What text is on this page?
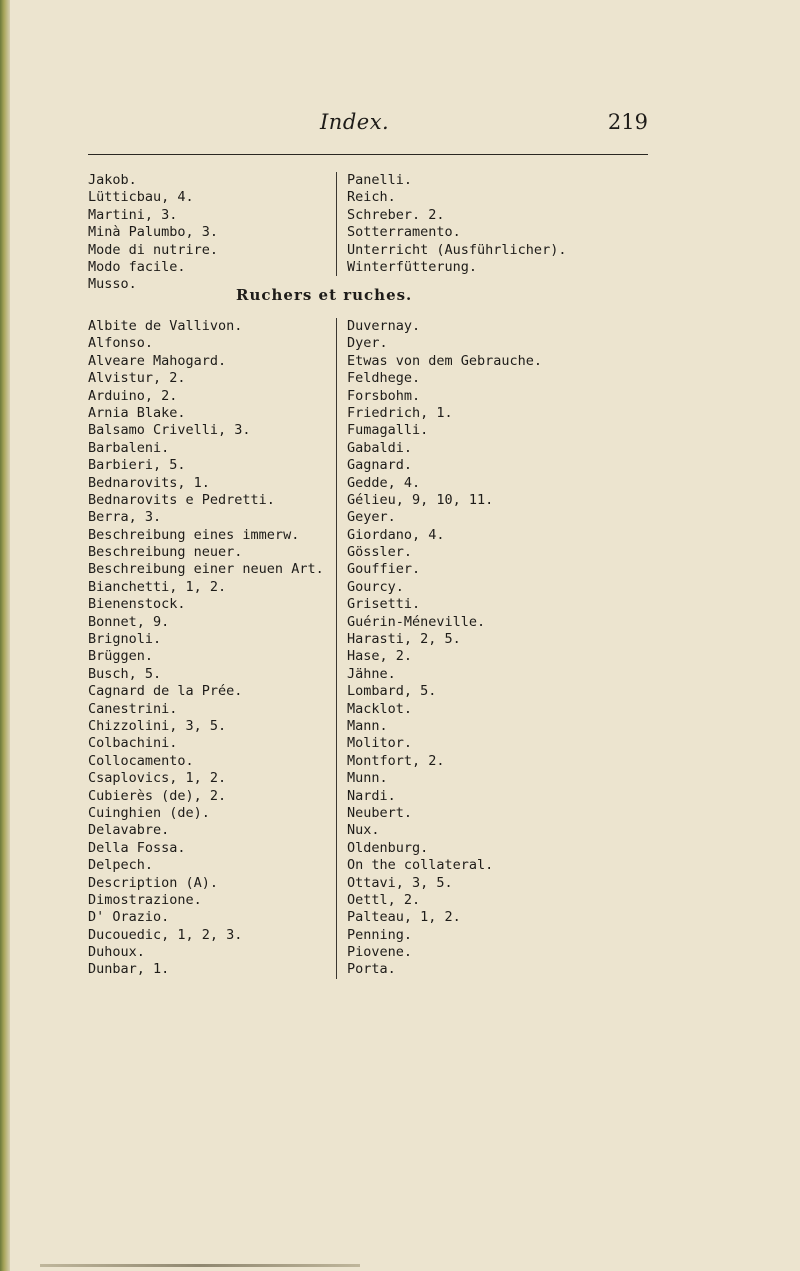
Index.	219
Jakob.
Lütticbau, 4.
Martini, 3.
Minà Palumbo, 3.
Mode di nutrire.
Modo facile.
Musso.
Panelli.
Reich.
Schreber. 2.
Sotterramento.
Unterricht (Ausführlicher).
Winterfütterung.
Ruchers et ruches.
Albite de Vallivon.
Alfonso.
Alveare Mahogard.
Alvistur, 2.
Arduino, 2.
Arnia Blake.
Balsamo Crivelli, 3.
Barbaleni.
Barbieri, 5.
Bednarovits, 1.
Bednarovits e Pedretti.
Berra, 3.
Beschreibung eines immerw.
Beschreibung neuer.
Beschreibung einer neuen Art.
Bianchetti, 1, 2.
Bienenstock.
Bonnet, 9.
Brignoli.
Brüggen.
Busch, 5.
Cagnard de la Prée.
Canestrini.
Chizzolini, 3, 5.
Colbachini.
Collocamento.
Csaplovics, 1, 2.
Cubierès (de), 2.
Cuinghien (de).
Delavabre.
Della Fossa.
Delpech.
Description (A).
Dimostrazione.
D' Orazio.
Ducouedic, 1, 2, 3.
Duhoux.
Dunbar, 1.
Duvernay.
Dyer.
Etwas von dem Gebrauche.
Feldhege.
Forsbohm.
Friedrich, 1.
Fumagalli.
Gabaldi.
Gagnard.
Gedde, 4.
Gélieu, 9, 10, 11.
Geyer.
Giordano, 4.
Gössler.
Gouffier.
Gourcy.
Grisetti.
Guérin-Méneville.
Harasti, 2, 5.
Hase, 2.
Jähne.
Lombard, 5.
Macklot.
Mann.
Molitor.
Montfort, 2.
Munn.
Nardi.
Neubert.
Nux.
Oldenburg.
On the collateral.
Ottavi, 3, 5.
Oettl, 2.
Palteau, 1, 2.
Penning.
Piovene.
Porta.
